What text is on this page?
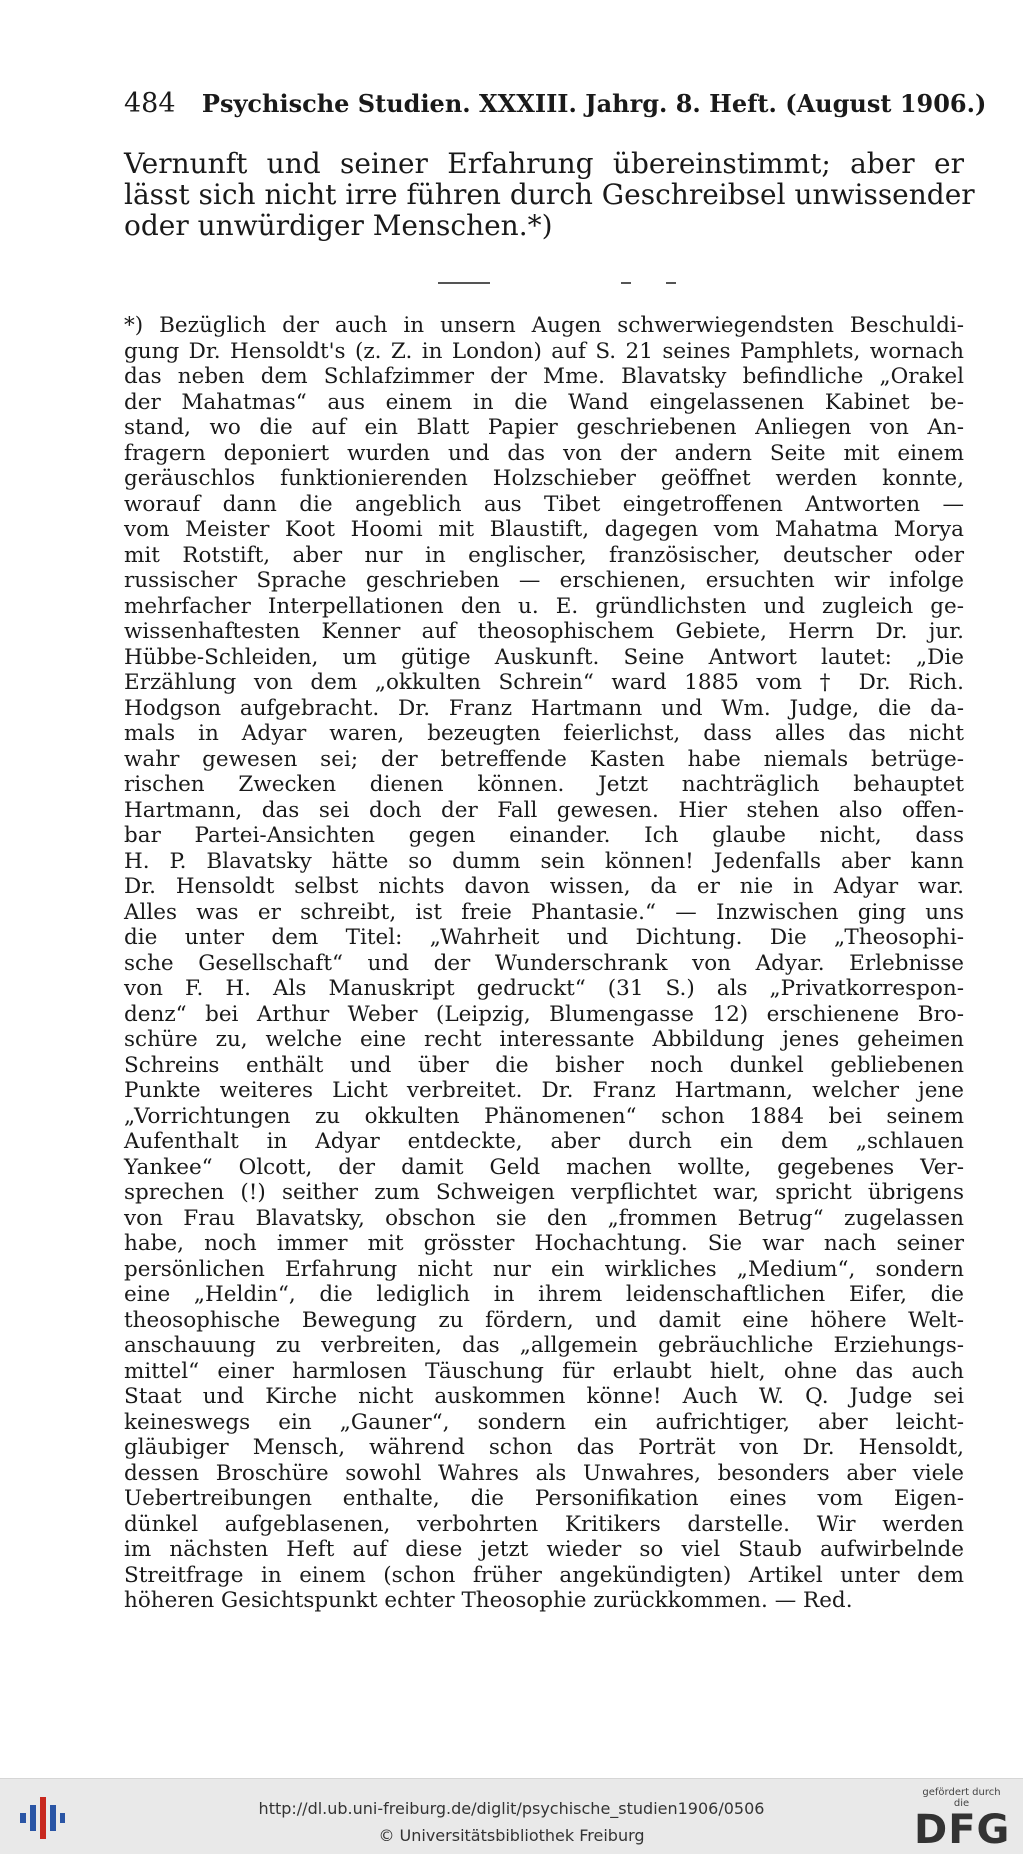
484 Psychische Studien. XXXIII. Jahrg. 8. Heft. (August 1906.)
Vernunft und seiner Erfahrung übereinstimmt; aber er
lässt sich nicht irre führen durch Geschreibsel unwissender
oder unwürdiger Menschen.*)
*) Bezüglich der auch in unsern Augen schwerwiegendsten Beschuldi-
gung Dr. Hensoldt's (z. Z. in London) auf S. 21 seines Pamphlets, wornach
das neben dem Schlafzimmer der Mme. Blavatsky befindliche „Orakel
der Mahatmas“ aus einem in die Wand eingelassenen Kabinet be-
stand, wo die auf ein Blatt Papier geschriebenen Anliegen von An-
fragern deponiert wurden und das von der andern Seite mit einem
geräuschlos funktionierenden Holzschieber geöffnet werden konnte,
worauf dann die angeblich aus Tibet eingetroffenen Antworten —
vom Meister Koot Hoomi mit Blaustift, dagegen vom Mahatma Morya
mit Rotstift, aber nur in englischer, französischer, deutscher oder
russischer Sprache geschrieben — erschienen, ersuchten wir infolge
mehrfacher Interpellationen den u. E. gründlichsten und zugleich ge-
wissenhaftesten Kenner auf theosophischem Gebiete, Herrn Dr. jur.
Hübbe-Schleiden, um gütige Auskunft. Seine Antwort lautet: „Die
Erzählung von dem „okkulten Schrein“ ward 1885 vom † Dr. Rich.
Hodgson aufgebracht. Dr. Franz Hartmann und Wm. Judge, die da-
mals in Adyar waren, bezeugten feierlichst, dass alles das nicht
wahr gewesen sei; der betreffende Kasten habe niemals betrüge-
rischen Zwecken dienen können. Jetzt nachträglich behauptet
Hartmann, das sei doch der Fall gewesen. Hier stehen also offen-
bar Partei-Ansichten gegen einander. Ich glaube nicht, dass
H. P. Blavatsky hätte so dumm sein können! Jedenfalls aber kann
Dr. Hensoldt selbst nichts davon wissen, da er nie in Adyar war.
Alles was er schreibt, ist freie Phantasie.“ — Inzwischen ging uns
die unter dem Titel: „Wahrheit und Dichtung. Die „Theosophi-
sche Gesellschaft“ und der Wunderschrank von Adyar. Erlebnisse
von F. H. Als Manuskript gedruckt“ (31 S.) als „Privatkorrespon-
denz“ bei Arthur Weber (Leipzig, Blumengasse 12) erschienene Bro-
schüre zu, welche eine recht interessante Abbildung jenes geheimen
Schreins enthält und über die bisher noch dunkel gebliebenen
Punkte weiteres Licht verbreitet. Dr. Franz Hartmann, welcher jene
„Vorrichtungen zu okkulten Phänomenen“ schon 1884 bei seinem
Aufenthalt in Adyar entdeckte, aber durch ein dem „schlauen
Yankee“ Olcott, der damit Geld machen wollte, gegebenes Ver-
sprechen (!) seither zum Schweigen verpflichtet war, spricht übrigens
von Frau Blavatsky, obschon sie den „frommen Betrug“ zugelassen
habe, noch immer mit grösster Hochachtung. Sie war nach seiner
persönlichen Erfahrung nicht nur ein wirkliches „Medium“, sondern
eine „Heldin“, die lediglich in ihrem leidenschaftlichen Eifer, die
theosophische Bewegung zu fördern, und damit eine höhere Welt-
anschauung zu verbreiten, das „allgemein gebräuchliche Erziehungs-
mittel“ einer harmlosen Täuschung für erlaubt hielt, ohne das auch
Staat und Kirche nicht auskommen könne! Auch W. Q. Judge sei
keineswegs ein „Gauner“, sondern ein aufrichtiger, aber leicht-
gläubiger Mensch, während schon das Porträt von Dr. Hensoldt,
dessen Broschüre sowohl Wahres als Unwahres, besonders aber viele
Uebertreibungen enthalte, die Personifikation eines vom Eigen-
dünkel aufgeblasenen, verbohrten Kritikers darstelle. Wir werden
im nächsten Heft auf diese jetzt wieder so viel Staub aufwirbelnde
Streitfrage in einem (schon früher angekündigten) Artikel unter dem
höheren Gesichtspunkt echter Theosophie zurückkommen. — Red.
http://dl.ub.uni-freiburg.de/diglit/psychische_studien1906/0506
© Universitätsbibliothek Freiburg
gefördert durch die
DFG
